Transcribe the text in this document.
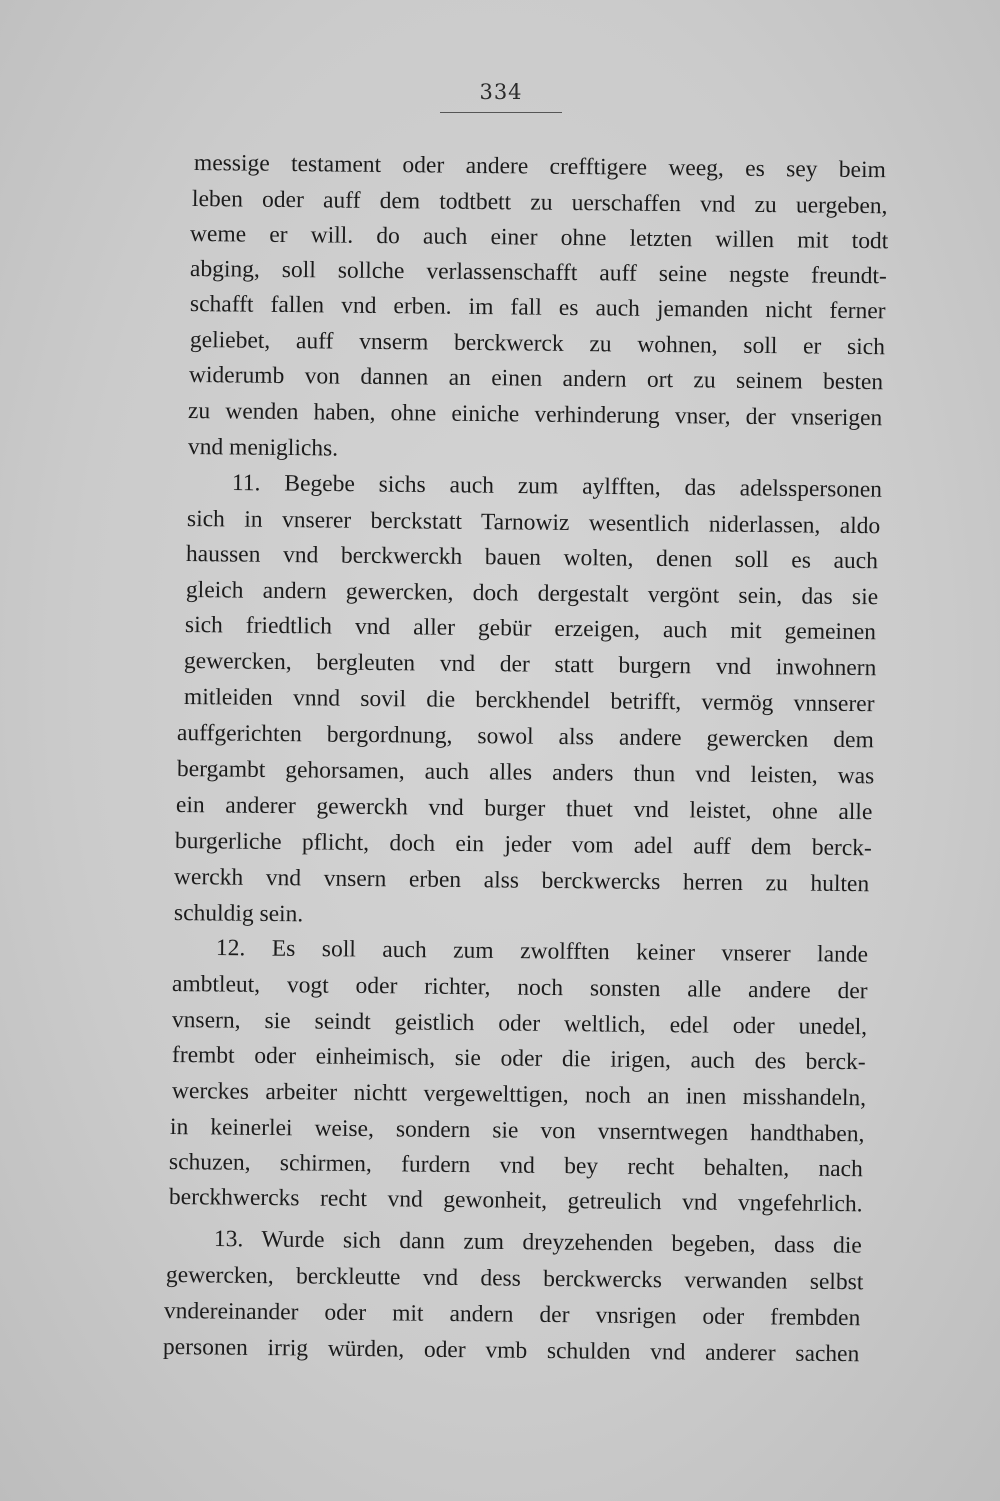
334
messige testament oder andere crefftigere weeg, es sey beim
leben oder auff dem todtbett zu uerschaffen vnd zu uergeben,
weme er will. do auch einer ohne letzten willen mit todt
abging, soll sollche verlassenschafft auff seine negste freundt-
schafft fallen vnd erben. im fall es auch jemanden nicht ferner
geliebet, auff vnserm berckwerck zu wohnen, soll er sich
widerumb von dannen an einen andern ort zu seinem besten
zu wenden haben, ohne einiche verhinderung vnser, der vnserigen
vnd meniglichs.
11. Begebe sichs auch zum aylfften, das adelsspersonen
sich in vnserer berckstatt Tarnowiz wesentlich niderlassen, aldo
haussen vnd berckwerckh bauen wolten, denen soll es auch
gleich andern gewercken, doch dergestalt vergönt sein, das sie
sich friedtlich vnd aller gebür erzeigen, auch mit gemeinen
gewercken, bergleuten vnd der statt burgern vnd inwohnern
mitleiden vnnd sovil die berckhendel betrifft, vermög vnnserer
auffgerichten bergordnung, sowol alss andere gewercken dem
bergambt gehorsamen, auch alles anders thun vnd leisten, was
ein anderer gewerckh vnd burger thuet vnd leistet, ohne alle
burgerliche pflicht, doch ein jeder vom adel auff dem berck-
werckh vnd vnsern erben alss berckwercks herren zu hulten
schuldig sein.
12. Es soll auch zum zwolfften keiner vnserer lande
ambtleut, vogt oder richter, noch sonsten alle andere der
vnsern, sie seindt geistlich oder weltlich, edel oder unedel,
frembt oder einheimisch, sie oder die irigen, auch des berck-
werckes arbeiter nichtt vergewelttigen, noch an inen misshandeln,
in keinerlei weise, sondern sie von vnserntwegen handthaben,
schuzen, schirmen, furdern vnd bey recht behalten, nach
berckhwercks recht vnd gewonheit, getreulich vnd vngefehrlich.
13. Wurde sich dann zum dreyzehenden begeben, dass die
gewercken, berckleutte vnd dess berckwercks verwanden selbst
vndereinander oder mit andern der vnsrigen oder frembden
personen irrig würden, oder vmb schulden vnd anderer sachen
